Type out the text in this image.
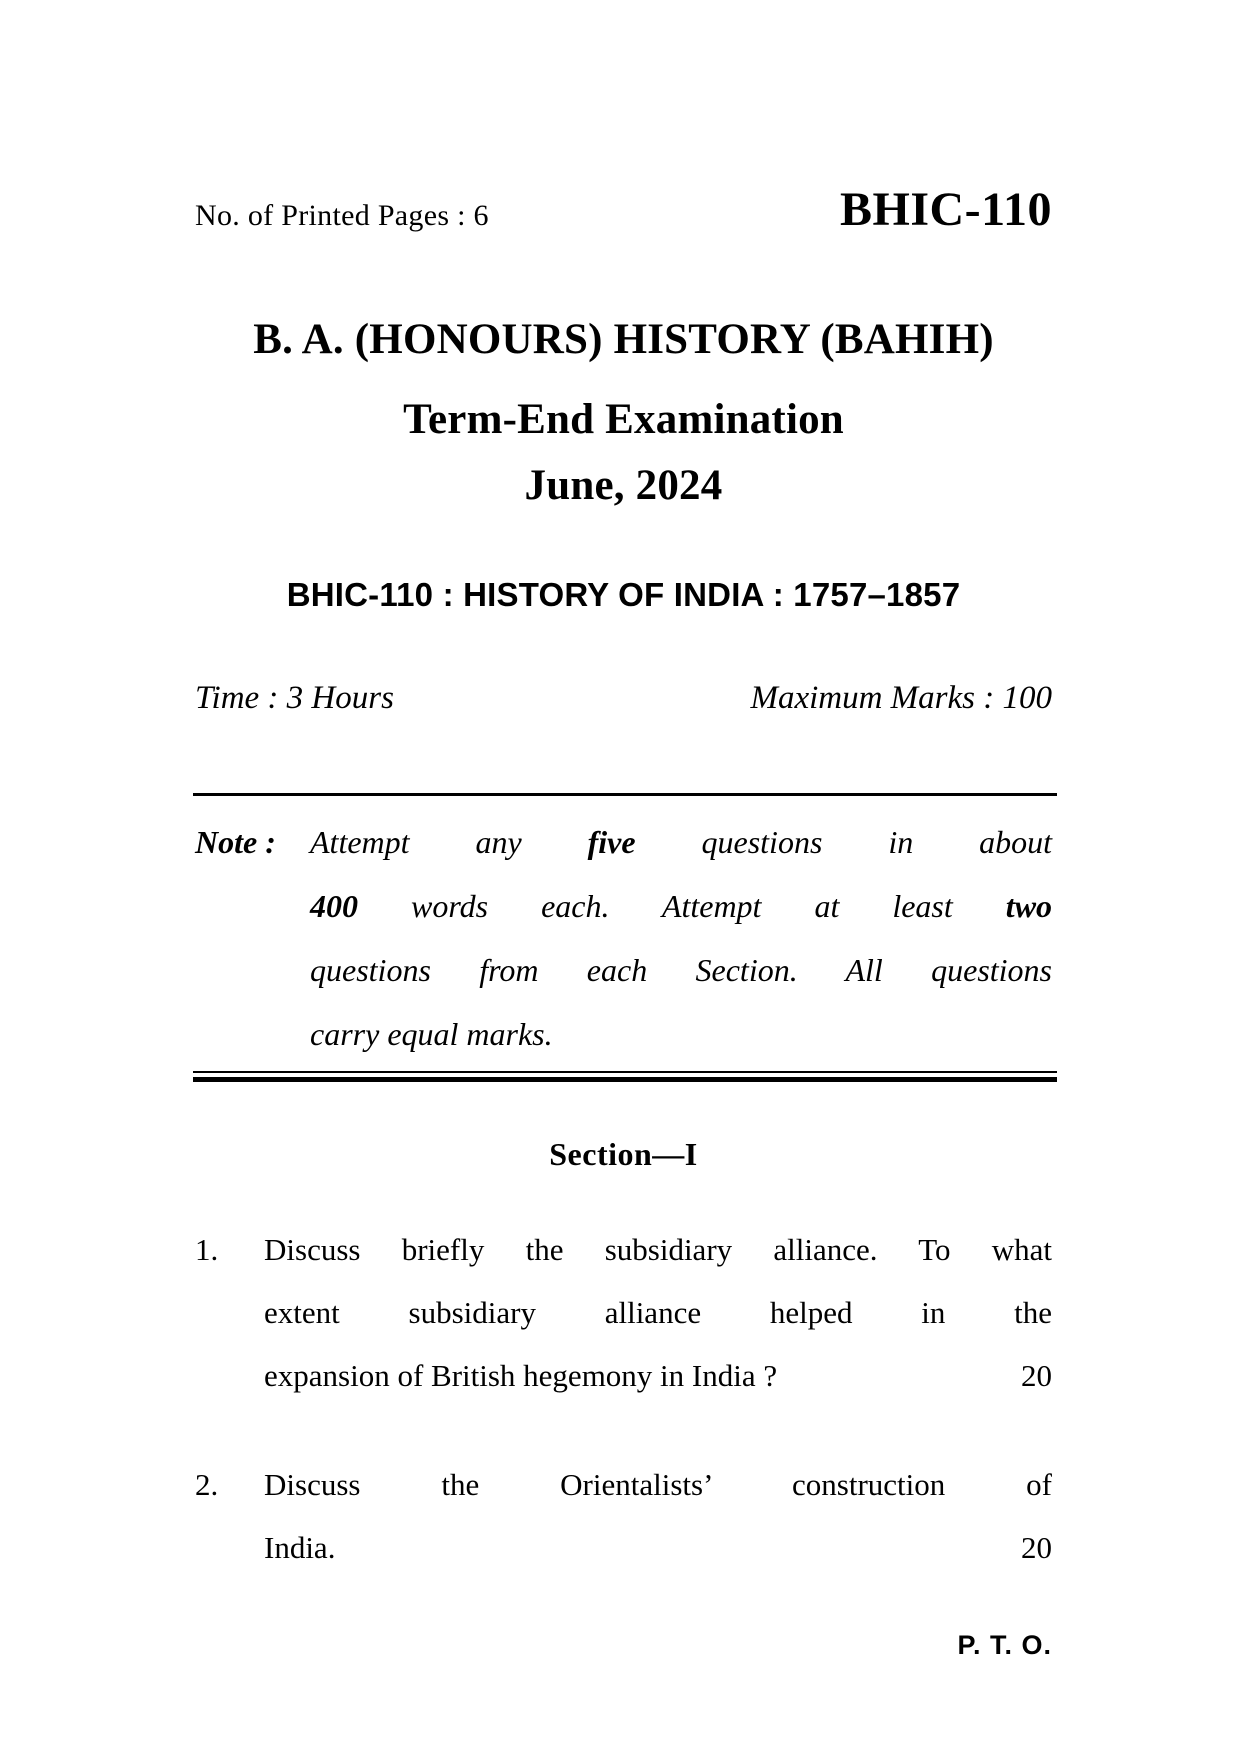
No. of Printed Pages : 6	BHIC-110
B. A. (HONOURS) HISTORY (BAHIH)
Term-End Examination
June, 2024
BHIC-110 : HISTORY OF INDIA : 1757–1857
Time : 3 Hours	Maximum Marks : 100
Note :	Attempt any five questions in about
400 words each. Attempt at least two
questions from each Section. All questions
carry equal marks.
Section—I
1.	Discuss briefly the subsidiary alliance. To what
extent subsidiary alliance helped in the
expansion of British hegemony in India ?	20
2.	Discuss the Orientalists’ construction of
India.	20
P. T. O.
